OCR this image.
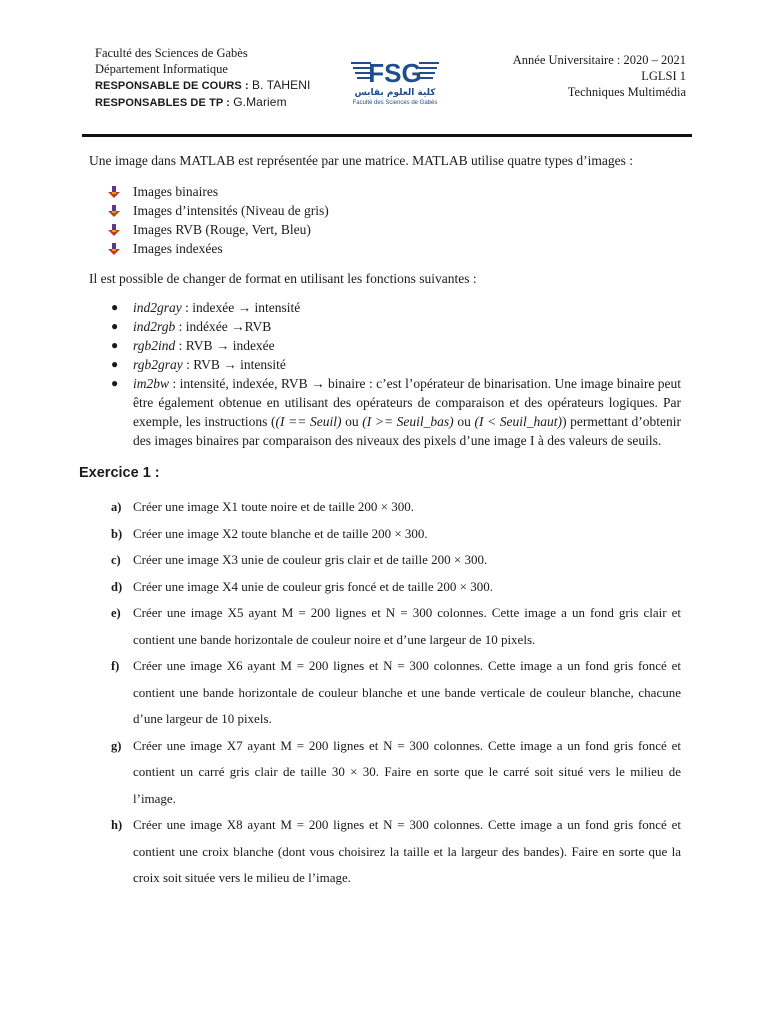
Faculté des Sciences de Gabès
Département Informatique
RESPONSABLE DE COURS : B. TAHENI
RESPONSABLES DE TP : G.Mariem
FSG
كلية العلوم بقابس
Faculté des Sciences de Gabès
Année Universitaire : 2020 – 2021
LGLSI 1
Techniques Multimédia

Une image dans MATLAB est représentée par une matrice. MATLAB utilise quatre types d’images :

Images binaires
Images d’intensités (Niveau de gris)
Images RVB (Rouge, Vert, Bleu)
Images indexées

Il est possible de changer de format en utilisant les fonctions suivantes :

●	ind2gray : indexée → intensité
●	ind2rgb : indéxée →RVB
●	rgb2ind : RVB → indexée
●	rgb2gray : RVB → intensité
●	im2bw : intensité, indexée, RVB → binaire : c’est l’opérateur de binarisation. Une image binaire peut être également obtenue en utilisant des opérateurs de comparaison et des opérateurs logiques. Par exemple, les instructions ((I == Seuil) ou (I >= Seuil_bas) ou (I < Seuil_haut)) permettant d’obtenir des images binaires par comparaison des niveaux des pixels d’une image I à des valeurs de seuils.
Exercice 1 :
a) Créer une image X1 toute noire et de taille 200 × 300.
b) Créer une image X2 toute blanche et de taille 200 × 300.
c) Créer une image X3 unie de couleur gris clair et de taille 200 × 300.
d) Créer une image X4 unie de couleur gris foncé et de taille 200 × 300.
e) Créer une image X5 ayant M = 200 lignes et N = 300 colonnes. Cette image a un fond gris clair et contient une bande horizontale de couleur noire et d’une largeur de 10 pixels.
f)	Créer une image X6 ayant M = 200 lignes et N = 300 colonnes. Cette image a un fond gris foncé et contient une bande horizontale de couleur blanche et une bande verticale de couleur blanche, chacune d’une largeur de 10 pixels.
g) Créer une image X7 ayant M = 200 lignes et N = 300 colonnes. Cette image a un fond gris foncé et contient un carré gris clair de taille 30 × 30. Faire en sorte que le carré soit situé vers le milieu de l’image.
h) Créer une image X8 ayant M = 200 lignes et N = 300 colonnes. Cette image a un fond gris foncé et contient une croix blanche (dont vous choisirez la taille et la largeur des bandes). Faire en sorte que la croix soit située vers le milieu de l’image.
